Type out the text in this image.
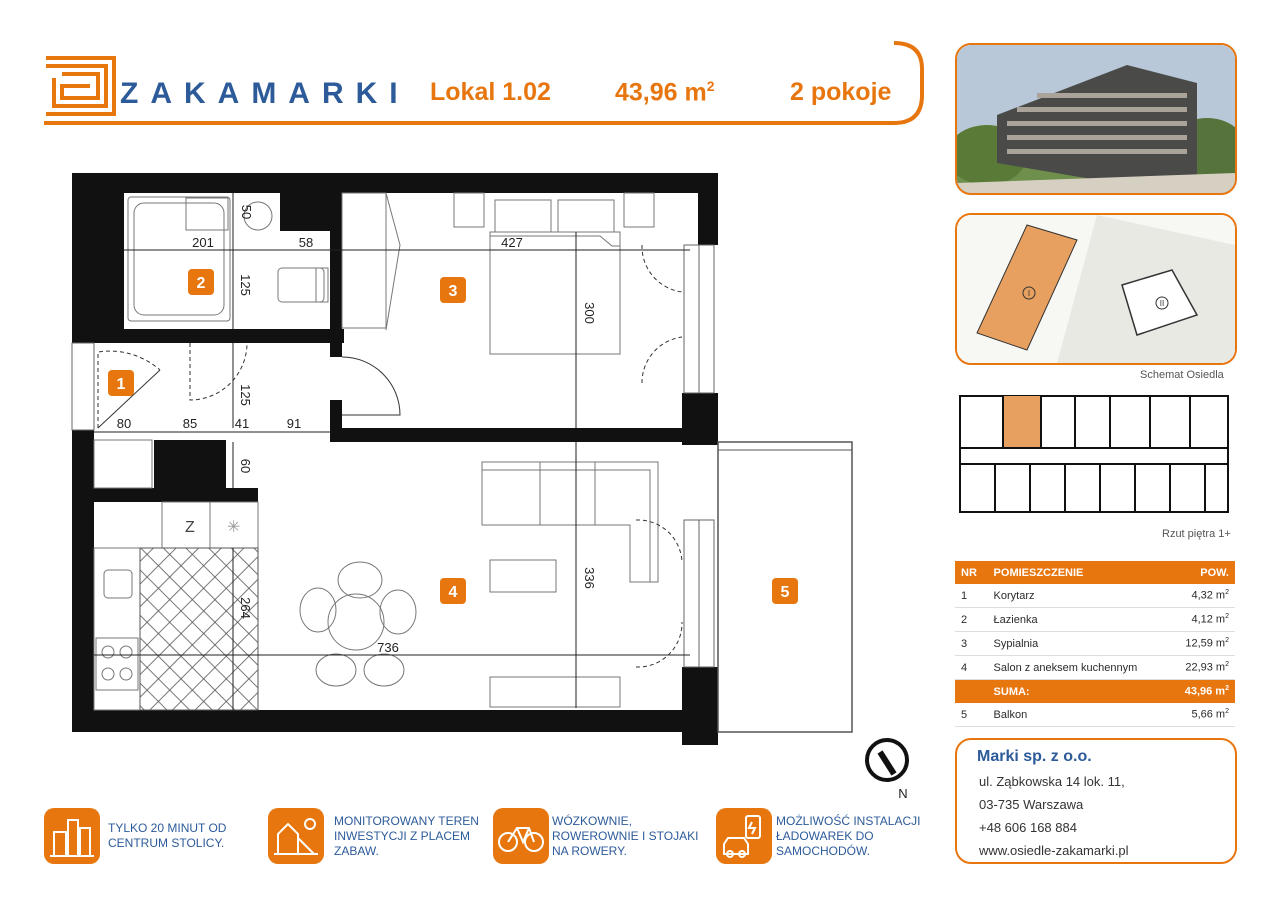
ZAKAMARKI Lokal 1.02	43,96 $m^2$	2 pokoje
Z ✳
50
201	58	427
125
300
125
80	85	41	91
60
336
264
736
1
2	3
4	5
N
I
II
Schemat Osiedla
Rzut piętra 1+
NR	POMIESZCZENIE	POW.
1	Korytarz	4,32 $m^2$
2	Łazienka	4,12 $m^2$
3	Sypialnia	12,59 $m^2$
4	Salon z aneksem kuchennym	22,93 $m^2$
	SUMA:	43,96 $m^2$
5	Balkon	5,66 $m^2$
Marki sp. z o.o.
ul. Ząbkowska 14 lok. 11,
03-735 Warszawa
+48 606 168 884
www.osiedle-zakamarki.pl
TYLKO 20 MINUT OD
CENTRUM STOLICY.
MONITOROWANY TEREN
INWESTYCJI Z PLACEM
ZABAW.
WÓZKOWNIE,
ROWEROWNIE I STOJAKI
NA ROWERY.
MOŻLIWOŚĆ INSTALACJI
ŁADOWAREK DO
SAMOCHODÓW.
